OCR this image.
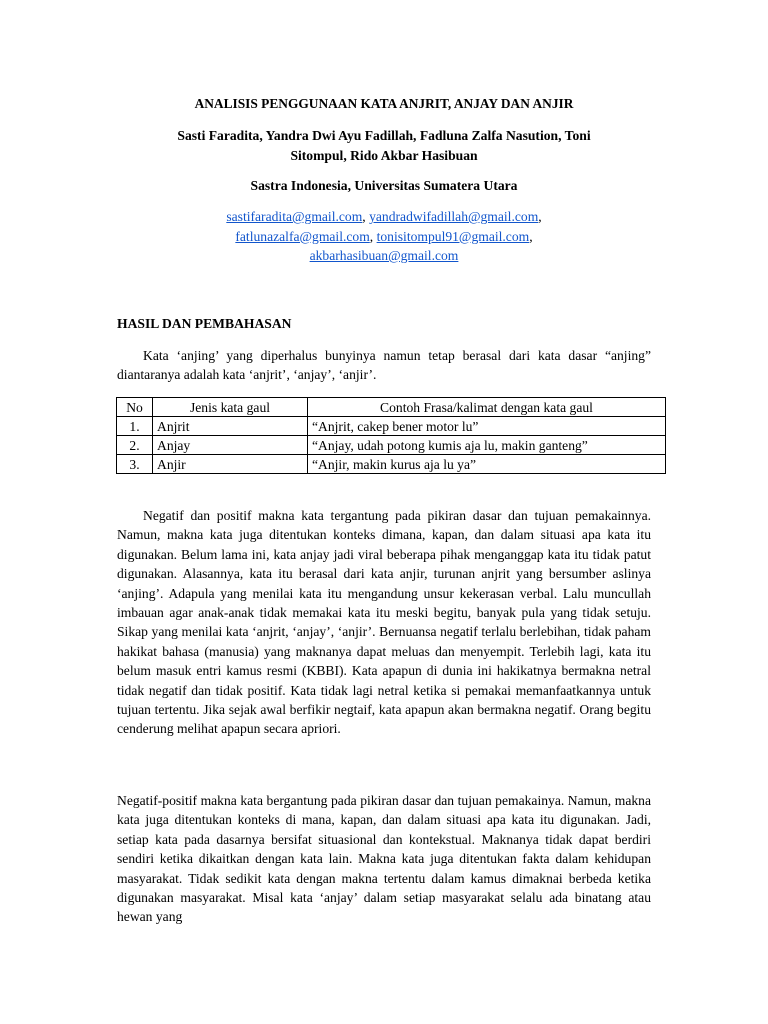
ANALISIS PENGGUNAAN KATA ANJRIT, ANJAY DAN ANJIR

Sasti Faradita, Yandra Dwi Ayu Fadillah, Fadluna Zalfa Nasution, Toni Sitompul, Rido Akbar Hasibuan

Sastra Indonesia, Universitas Sumatera Utara

sastifaradita@gmail.com, yandradwifadillah@gmail.com,
fatlunazalfa@gmail.com, tonisitompul91@gmail.com,
akbarhasibuan@gmail.com

HASIL DAN PEMBAHASAN

Kata ‘anjing’ yang diperhalus bunyinya namun tetap berasal dari kata dasar “anjing” diantaranya adalah kata ‘anjrit’, ‘anjay’, ‘anjir’.

No	Jenis kata gaul	Contoh Frasa/kalimat dengan kata gaul
1.	Anjrit	“Anjrit, cakep bener motor lu”
2.	Anjay	“Anjay, udah potong kumis aja lu, makin ganteng”
3.	Anjir	“Anjir, makin kurus aja lu ya”

Negatif dan positif makna kata tergantung pada pikiran dasar dan tujuan pemakainnya. Namun, makna kata juga ditentukan konteks dimana, kapan, dan dalam situasi apa kata itu digunakan. Belum lama ini, kata anjay jadi viral beberapa pihak menganggap kata itu tidak patut digunakan. Alasannya, kata itu berasal dari kata anjir, turunan anjrit yang bersumber aslinya ‘anjing’. Adapula yang menilai kata itu mengandung unsur kekerasan verbal. Lalu muncullah imbauan agar anak-anak tidak memakai kata itu meski begitu, banyak pula yang tidak setuju. Sikap yang menilai kata ‘anjrit, ‘anjay’, ‘anjir’. Bernuansa negatif terlalu berlebihan, tidak paham hakikat bahasa (manusia) yang maknanya dapat meluas dan menyempit. Terlebih lagi, kata itu belum masuk entri kamus resmi (KBBI). Kata apapun di dunia ini hakikatnya bermakna netral tidak negatif dan tidak positif. Kata tidak lagi netral ketika si pemakai memanfaatkannya untuk tujuan tertentu. Jika sejak awal berfikir negtaif, kata apapun akan bermakna negatif. Orang begitu cenderung melihat apapun secara apriori.

Negatif-positif makna kata bergantung pada pikiran dasar dan tujuan pemakainya. Namun, makna kata juga ditentukan konteks di mana, kapan, dan dalam situasi apa kata itu digunakan. Jadi, setiap kata pada dasarnya bersifat situasional dan kontekstual. Maknanya tidak dapat berdiri sendiri ketika dikaitkan dengan kata lain. Makna kata juga ditentukan fakta dalam kehidupan masyarakat. Tidak sedikit kata dengan makna tertentu dalam kamus dimaknai berbeda ketika digunakan masyarakat. Misal kata ‘anjay’ dalam setiap masyarakat selalu ada binatang atau hewan yang
